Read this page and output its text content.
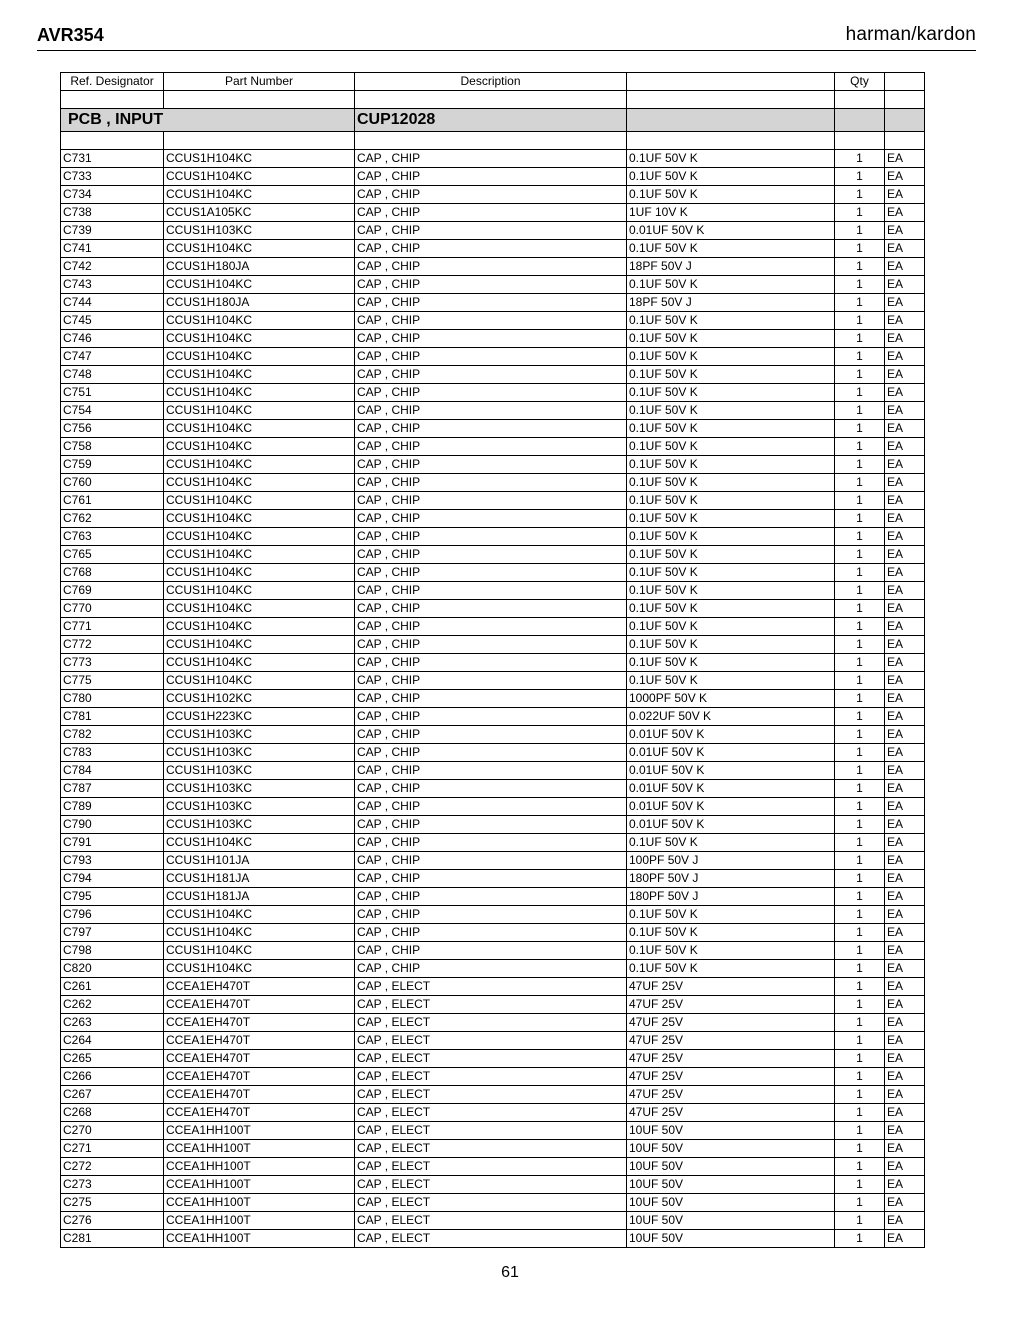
AVR354	harman/kardon
Ref. Designator	Part Number	Description		Qty	

PCB , INPUT		CUP12028			

C731	CCUS1H104KC	CAP , CHIP	0.1UF 50V K	1	EA
C733	CCUS1H104KC	CAP , CHIP	0.1UF 50V K	1	EA
C734	CCUS1H104KC	CAP , CHIP	0.1UF 50V K	1	EA
C738	CCUS1A105KC	CAP , CHIP	1UF 10V K	1	EA
C739	CCUS1H103KC	CAP , CHIP	0.01UF 50V K	1	EA
C741	CCUS1H104KC	CAP , CHIP	0.1UF 50V K	1	EA
C742	CCUS1H180JA	CAP , CHIP	18PF 50V J	1	EA
C743	CCUS1H104KC	CAP , CHIP	0.1UF 50V K	1	EA
C744	CCUS1H180JA	CAP , CHIP	18PF 50V J	1	EA
C745	CCUS1H104KC	CAP , CHIP	0.1UF 50V K	1	EA
C746	CCUS1H104KC	CAP , CHIP	0.1UF 50V K	1	EA
C747	CCUS1H104KC	CAP , CHIP	0.1UF 50V K	1	EA
C748	CCUS1H104KC	CAP , CHIP	0.1UF 50V K	1	EA
C751	CCUS1H104KC	CAP , CHIP	0.1UF 50V K	1	EA
C754	CCUS1H104KC	CAP , CHIP	0.1UF 50V K	1	EA
C756	CCUS1H104KC	CAP , CHIP	0.1UF 50V K	1	EA
C758	CCUS1H104KC	CAP , CHIP	0.1UF 50V K	1	EA
C759	CCUS1H104KC	CAP , CHIP	0.1UF 50V K	1	EA
C760	CCUS1H104KC	CAP , CHIP	0.1UF 50V K	1	EA
C761	CCUS1H104KC	CAP , CHIP	0.1UF 50V K	1	EA
C762	CCUS1H104KC	CAP , CHIP	0.1UF 50V K	1	EA
C763	CCUS1H104KC	CAP , CHIP	0.1UF 50V K	1	EA
C765	CCUS1H104KC	CAP , CHIP	0.1UF 50V K	1	EA
C768	CCUS1H104KC	CAP , CHIP	0.1UF 50V K	1	EA
C769	CCUS1H104KC	CAP , CHIP	0.1UF 50V K	1	EA
C770	CCUS1H104KC	CAP , CHIP	0.1UF 50V K	1	EA
C771	CCUS1H104KC	CAP , CHIP	0.1UF 50V K	1	EA
C772	CCUS1H104KC	CAP , CHIP	0.1UF 50V K	1	EA
C773	CCUS1H104KC	CAP , CHIP	0.1UF 50V K	1	EA
C775	CCUS1H104KC	CAP , CHIP	0.1UF 50V K	1	EA
C780	CCUS1H102KC	CAP , CHIP	1000PF 50V K	1	EA
C781	CCUS1H223KC	CAP , CHIP	0.022UF 50V K	1	EA
C782	CCUS1H103KC	CAP , CHIP	0.01UF 50V K	1	EA
C783	CCUS1H103KC	CAP , CHIP	0.01UF 50V K	1	EA
C784	CCUS1H103KC	CAP , CHIP	0.01UF 50V K	1	EA
C787	CCUS1H103KC	CAP , CHIP	0.01UF 50V K	1	EA
C789	CCUS1H103KC	CAP , CHIP	0.01UF 50V K	1	EA
C790	CCUS1H103KC	CAP , CHIP	0.01UF 50V K	1	EA
C791	CCUS1H104KC	CAP , CHIP	0.1UF 50V K	1	EA
C793	CCUS1H101JA	CAP , CHIP	100PF 50V J	1	EA
C794	CCUS1H181JA	CAP , CHIP	180PF 50V J	1	EA
C795	CCUS1H181JA	CAP , CHIP	180PF 50V J	1	EA
C796	CCUS1H104KC	CAP , CHIP	0.1UF 50V K	1	EA
C797	CCUS1H104KC	CAP , CHIP	0.1UF 50V K	1	EA
C798	CCUS1H104KC	CAP , CHIP	0.1UF 50V K	1	EA
C820	CCUS1H104KC	CAP , CHIP	0.1UF 50V K	1	EA
C261	CCEA1EH470T	CAP , ELECT	47UF 25V	1	EA
C262	CCEA1EH470T	CAP , ELECT	47UF 25V	1	EA
C263	CCEA1EH470T	CAP , ELECT	47UF 25V	1	EA
C264	CCEA1EH470T	CAP , ELECT	47UF 25V	1	EA
C265	CCEA1EH470T	CAP , ELECT	47UF 25V	1	EA
C266	CCEA1EH470T	CAP , ELECT	47UF 25V	1	EA
C267	CCEA1EH470T	CAP , ELECT	47UF 25V	1	EA
C268	CCEA1EH470T	CAP , ELECT	47UF 25V	1	EA
C270	CCEA1HH100T	CAP , ELECT	10UF 50V	1	EA
C271	CCEA1HH100T	CAP , ELECT	10UF 50V	1	EA
C272	CCEA1HH100T	CAP , ELECT	10UF 50V	1	EA
C273	CCEA1HH100T	CAP , ELECT	10UF 50V	1	EA
C275	CCEA1HH100T	CAP , ELECT	10UF 50V	1	EA
C276	CCEA1HH100T	CAP , ELECT	10UF 50V	1	EA
C281	CCEA1HH100T	CAP , ELECT	10UF 50V	1	EA
61
